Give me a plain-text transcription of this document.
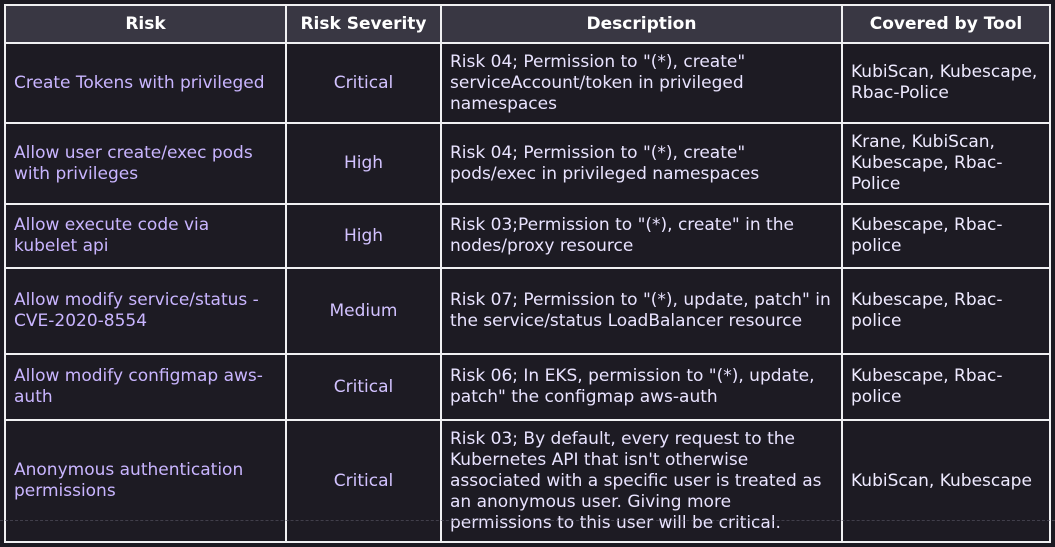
Risk	Risk Severity	Description	Covered by Tool
Create Tokens with privileged	Critical	Risk 04; Permission to "(*), create" serviceAccount/token in privileged namespaces	KubiScan, Kubescape, Rbac-Police
Allow user create/exec pods with privileges	High	Risk 04; Permission to "(*), create" pods/exec in privileged namespaces	Krane, KubiScan, Kubescape, Rbac-Police
Allow execute code via kubelet api	High	Risk 03;Permission to "(*), create" in the nodes/proxy resource	Kubescape, Rbac-police
Allow modify service/status - CVE-2020-8554	Medium	Risk 07; Permission to "(*), update, patch" in the service/status LoadBalancer resource	Kubescape, Rbac-police
Allow modify configmap aws-auth	Critical	Risk 06; In EKS, permission to "(*), update, patch" the configmap aws-auth	Kubescape, Rbac-police
Anonymous authentication permissions	Critical	Risk 03; By default, every request to the Kubernetes API that isn't otherwise associated with a specific user is treated as an anonymous user. Giving more permissions to this user will be critical.	KubiScan, Kubescape
